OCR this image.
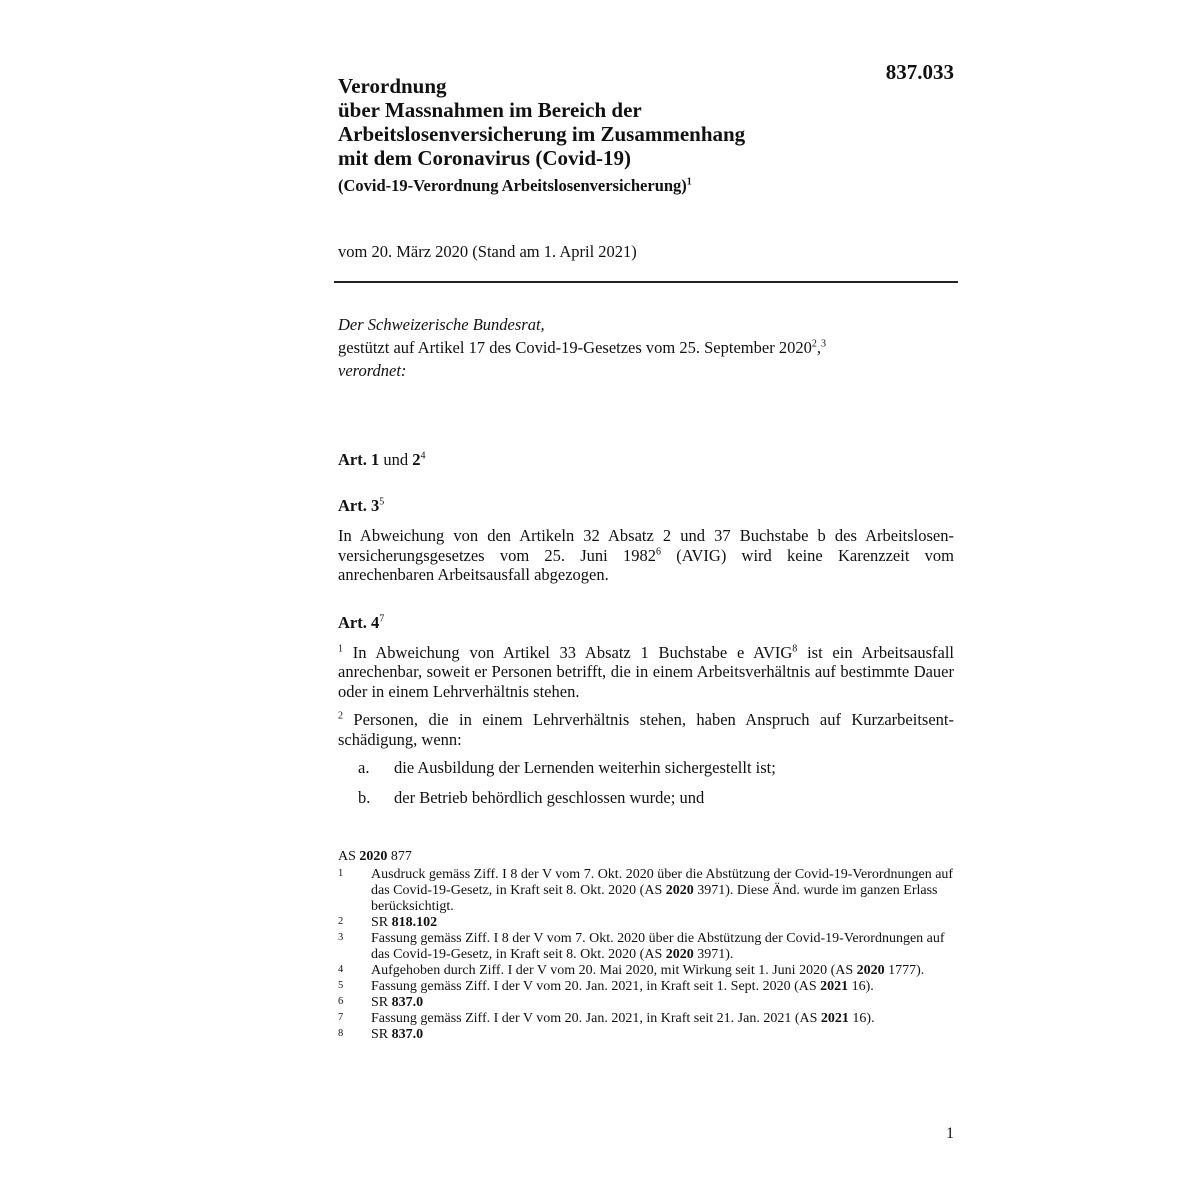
837.033
Verordnung
über Massnahmen im Bereich der
Arbeitslosenversicherung im Zusammenhang
mit dem Coronavirus (Covid-19)
(Covid-19-Verordnung Arbeitslosenversicherung)$^1$
vom 20. März 2020 (Stand am 1. April 2021)
Der Schweizerische Bundesrat,
gestützt auf Artikel 17 des Covid-19-Gesetzes vom 25. September 2020$^2$,$^3$
verordnet:
Art. 1 und $2^4$
Art. $3^5$
In Abweichung von den Artikeln 32 Absatz 2 und 37 Buchstabe b des Arbeitslosenversicherungsgesetzes vom 25. Juni 1982$^6$ (AVIG) wird keine Karenzzeit vom anrechenbaren Arbeitsausfall abgezogen.
Art. $4^7$
$^1$ In Abweichung von Artikel 33 Absatz 1 Buchstabe e AVIG$^8$ ist ein Arbeitsausfall anrechenbar, soweit er Personen betrifft, die in einem Arbeitsverhältnis auf bestimmte Dauer oder in einem Lehrverhältnis stehen.
$^2$ Personen, die in einem Lehrverhältnis stehen, haben Anspruch auf Kurzarbeitsentschädigung, wenn:
a.	die Ausbildung der Lernenden weiterhin sichergestellt ist;
b.	der Betrieb behördlich geschlossen wurde; und
AS 2020 877
1	Ausdruck gemäss Ziff. I 8 der V vom 7. Okt. 2020 über die Abstützung der Covid-19-Verordnungen auf das Covid-19-Gesetz, in Kraft seit 8. Okt. 2020 (AS 2020 3971). Diese Änd. wurde im ganzen Erlass berücksichtigt.
2	SR 818.102
3	Fassung gemäss Ziff. I 8 der V vom 7. Okt. 2020 über die Abstützung der Covid-19-Verordnungen auf das Covid-19-Gesetz, in Kraft seit 8. Okt. 2020 (AS 2020 3971).
4	Aufgehoben durch Ziff. I der V vom 20. Mai 2020, mit Wirkung seit 1. Juni 2020 (AS 2020 1777).
5	Fassung gemäss Ziff. I der V vom 20. Jan. 2021, in Kraft seit 1. Sept. 2020 (AS 2021 16).
6	SR 837.0
7	Fassung gemäss Ziff. I der V vom 20. Jan. 2021, in Kraft seit 21. Jan. 2021 (AS 2021 16).
8	SR 837.0
1
